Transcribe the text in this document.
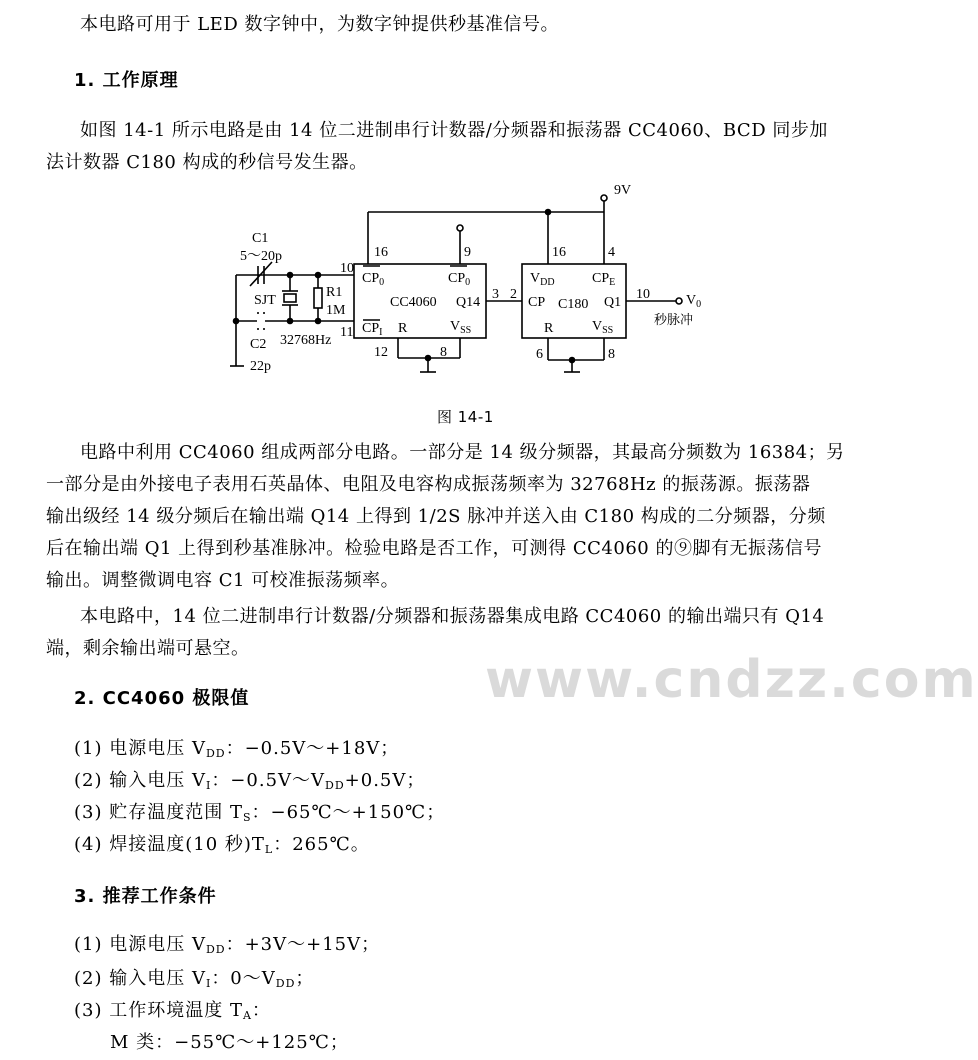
本电路可用于 LED 数字钟中，为数字钟提供秒基准信号。

1. 工作原理

如图 14-1 所示电路是由 14 位二进制串行计数器/分频器和振荡器 CC4060、BCD 同步加

法计数器 C180 构成的秒信号发生器。

9V
C1
5～20p
C2
22p
R1
1M
SJT
32768Hz
16	9
10
11
12	8
3
$CP_0$	$CP_0$
CC4060 Q14
$CP_I$ R	$V_{SS}$
16	4
2	10
6	8
$V_{DD}$	$CP_E$
CP C180 Q1
R	$V_{SS}$
$V_0$
秒脉冲

图 14-1

电路中利用 CC4060 组成两部分电路。一部分是 14 级分频器，其最高分频数为 16384；另

一部分是由外接电子表用石英晶体、电阻及电容构成振荡频率为 32768Hz 的振荡源。振荡器

输出级经 14 级分频后在输出端 Q14 上得到 1/2S 脉冲并送入由 C180 构成的二分频器，分频

后在输出端 Q1 上得到秒基准脉冲。检验电路是否工作，可测得 CC4060 的⑨脚有无振荡信号

输出。调整微调电容 C1 可校准振荡频率。

本电路中，14 位二进制串行计数器/分频器和振荡器集成电路 CC4060 的输出端只有 Q14

端，剩余输出端可悬空。

www.cndzz.com

2. CC4060 极限值

(1) 电源电压 $V_{DD}$：−0.5V～+18V；

(2) 输入电压 $V_I$：$-0.5V\sim V_{DD}+0.5V$；

(3) 贮存温度范围 $T_S$：−65℃～+150℃；

(4) 焊接温度(10 秒)$T_L$：265℃。

3. 推荐工作条件

(1) 电源电压 $V_{DD}$：+3V～+15V；

(2) 输入电压 $V_I$：$0\sim V_{DD}$；

(3) 工作环境温度 $T_A$：

M 类：−55℃～+125℃；
